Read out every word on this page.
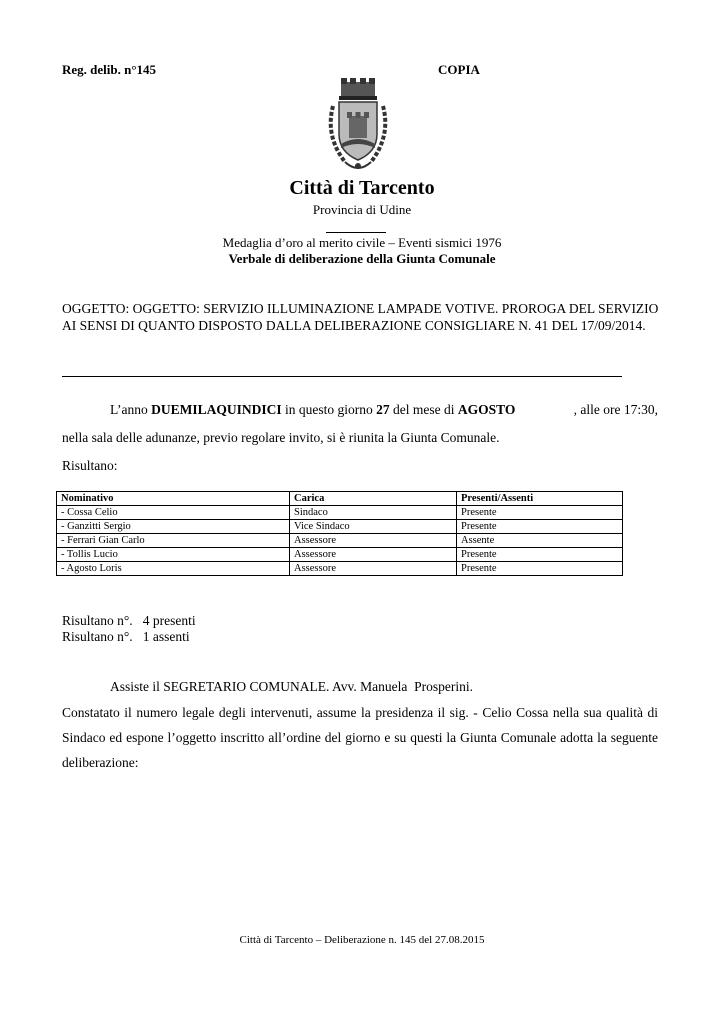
Reg. delib. n°145	COPIA
Città di Tarcento
Provincia di Udine
Medaglia d’oro al merito civile – Eventi sismici 1976
Verbale di deliberazione della Giunta Comunale
OGGETTO: OGGETTO: SERVIZIO ILLUMINAZIONE LAMPADE VOTIVE. PROROGA DEL SERVIZIO AI SENSI DI QUANTO DISPOSTO DALLA DELIBERAZIONE CONSIGLIARE N. 41 DEL 17/09/2014.
L’anno DUEMILAQUINDICI in questo giorno 27 del mese di AGOSTO	, alle ore 17:30,
nella sala delle adunanze, previo regolare invito, si è riunita la Giunta Comunale.
Risultano:
Nominativo	Carica	Presenti/Assenti
- Cossa Celio	Sindaco	Presente
- Ganzitti Sergio	Vice Sindaco	Presente
- Ferrari Gian Carlo	Assessore	Assente
- Tollis Lucio	Assessore	Presente
- Agosto Loris	Assessore	Presente
Risultano n°.   4 presenti
Risultano n°.   1 assenti
Assiste il SEGRETARIO COMUNALE. Avv. Manuela  Prosperini.
Constatato il numero legale degli intervenuti, assume la presidenza il sig. - Celio Cossa nella sua qualità di Sindaco ed espone l’oggetto inscritto all’ordine del giorno e su questi la Giunta Comunale adotta la seguente deliberazione:
Città di Tarcento – Deliberazione n. 145 del 27.08.2015
